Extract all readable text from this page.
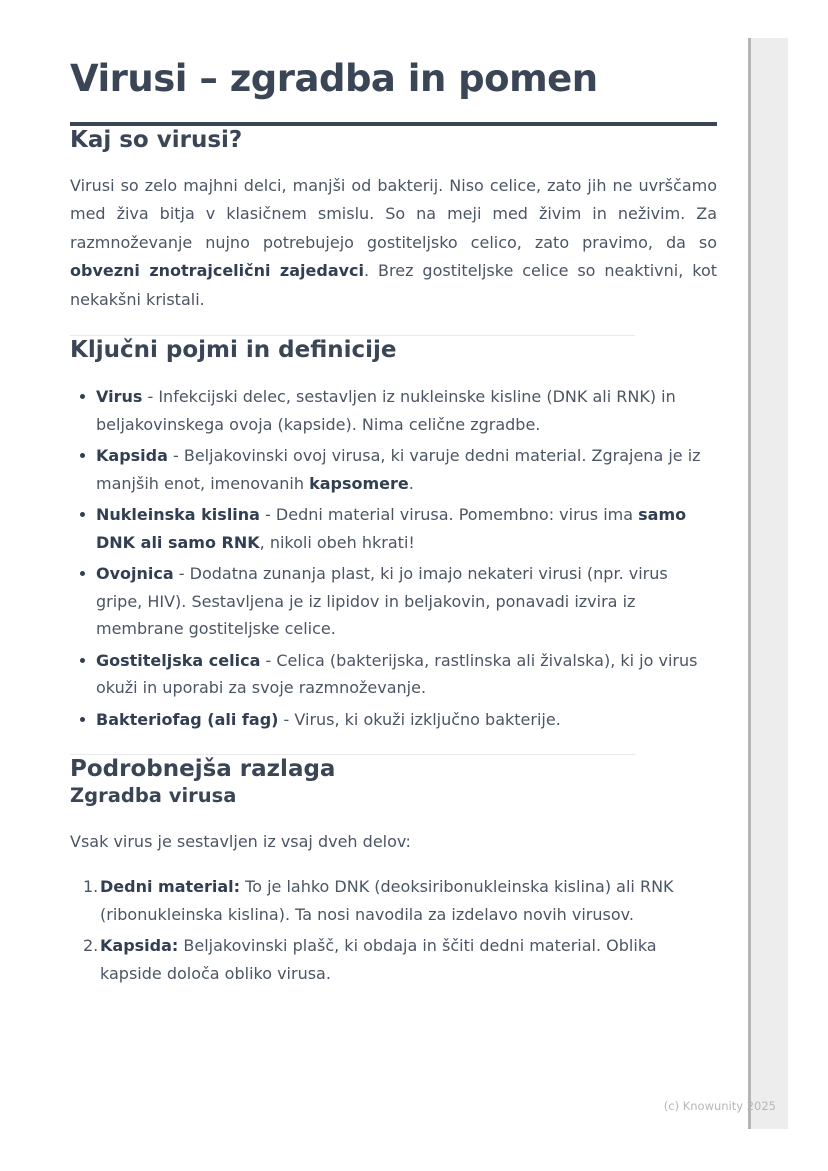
Virusi – zgradba in pomen
Kaj so virusi?

Virusi so zelo majhni delci, manjši od bakterij. Niso celice, zato jih ne uvrščamo med živa bitja v klasičnem smislu. So na meji med živim in neživim. Za razmnoževanje nujno potrebujejo gostiteljsko celico, zato pravimo, da so obvezni znotrajcelični zajedavci. Brez gostiteljske celice so neaktivni, kot nekakšni kristali.

Ključni pojmi in definicije
Virus - Infekcijski delec, sestavljen iz nukleinske kisline (DNK ali RNK) in beljakovinskega ovoja (kapside). Nima celične zgradbe.
Kapsida - Beljakovinski ovoj virusa, ki varuje dedni material. Zgrajena je iz manjših enot, imenovanih kapsomere.
Nukleinska kislina - Dedni material virusa. Pomembno: virus ima samo DNK ali samo RNK, nikoli obeh hkrati!
Ovojnica - Dodatna zunanja plast, ki jo imajo nekateri virusi (npr. virus gripe, HIV). Sestavljena je iz lipidov in beljakovin, ponavadi izvira iz membrane gostiteljske celice.
Gostiteljska celica - Celica (bakterijska, rastlinska ali živalska), ki jo virus okuži in uporabi za svoje razmnoževanje.
Bakteriofag (ali fag) - Virus, ki okuži izključno bakterije.
Podrobnejša razlaga
Zgradba virusa

Vsak virus je sestavljen iz vsaj dveh delov:

1. Dedni material: To je lahko DNK (deoksiribonukleinska kislina) ali RNK (ribonukleinska kislina). Ta nosi navodila za izdelavo novih virusov.
2. Kapsida: Beljakovinski plašč, ki obdaja in ščiti dedni material. Oblika kapside določa obliko virusa.
(c) Knowunity 2025
